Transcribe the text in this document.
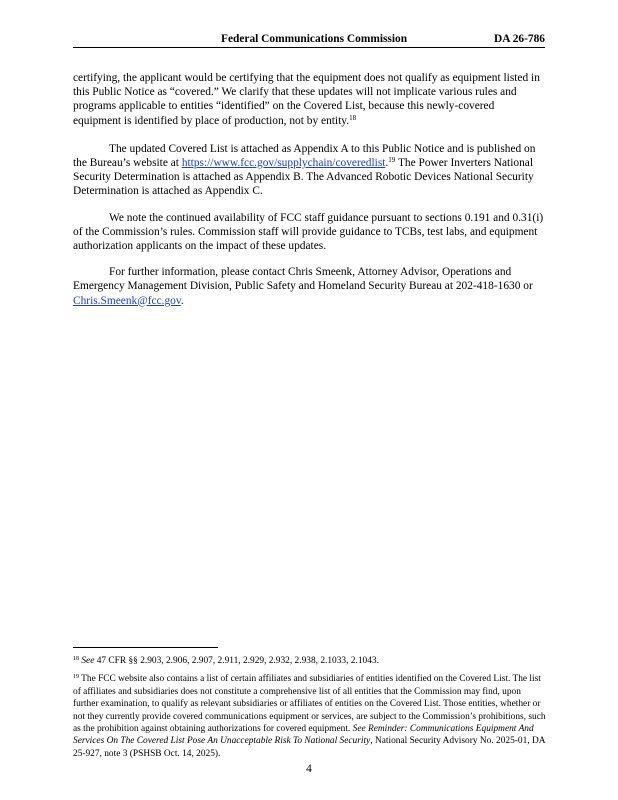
Federal Communications Commission	DA 26-786

certifying, the applicant would be certifying that the equipment does not qualify as equipment listed in this Public Notice as “covered.” We clarify that these updates will not implicate various rules and programs applicable to entities “identified” on the Covered List, because this newly-covered equipment is identified by place of production, not by entity.$^{18}$

The updated Covered List is attached as Appendix A to this Public Notice and is published on the Bureau’s website at https://www.fcc.gov/supplychain/coveredlist.$^{19}$ The Power Inverters National Security Determination is attached as Appendix B. The Advanced Robotic Devices National Security Determination is attached as Appendix C.

We note the continued availability of FCC staff guidance pursuant to sections 0.191 and 0.31(i) of the Commission’s rules. Commission staff will provide guidance to TCBs, test labs, and equipment authorization applicants on the impact of these updates.

For further information, please contact Chris Smeenk, Attorney Advisor, Operations and Emergency Management Division, Public Safety and Homeland Security Bureau at 202-418-1630 or Chris.Smeenk@fcc.gov.

$^{18}$ See 47 CFR §§ 2.903, 2.906, 2.907, 2.911, 2.929, 2.932, 2.938, 2.1033, 2.1043.

$^{19}$ The FCC website also contains a list of certain affiliates and subsidiaries of entities identified on the Covered List. The list of affiliates and subsidiaries does not constitute a comprehensive list of all entities that the Commission may find, upon further examination, to qualify as relevant subsidiaries or affiliates of entities on the Covered List. Those entities, whether or not they currently provide covered communications equipment or services, are subject to the Commission’s prohibitions, such as the prohibition against obtaining authorizations for covered equipment. See Reminder: Communications Equipment And Services On The Covered List Pose An Unacceptable Risk To National Security, National Security Advisory No. 2025-01, DA 25-927, note 3 (PSHSB Oct. 14, 2025).

4
